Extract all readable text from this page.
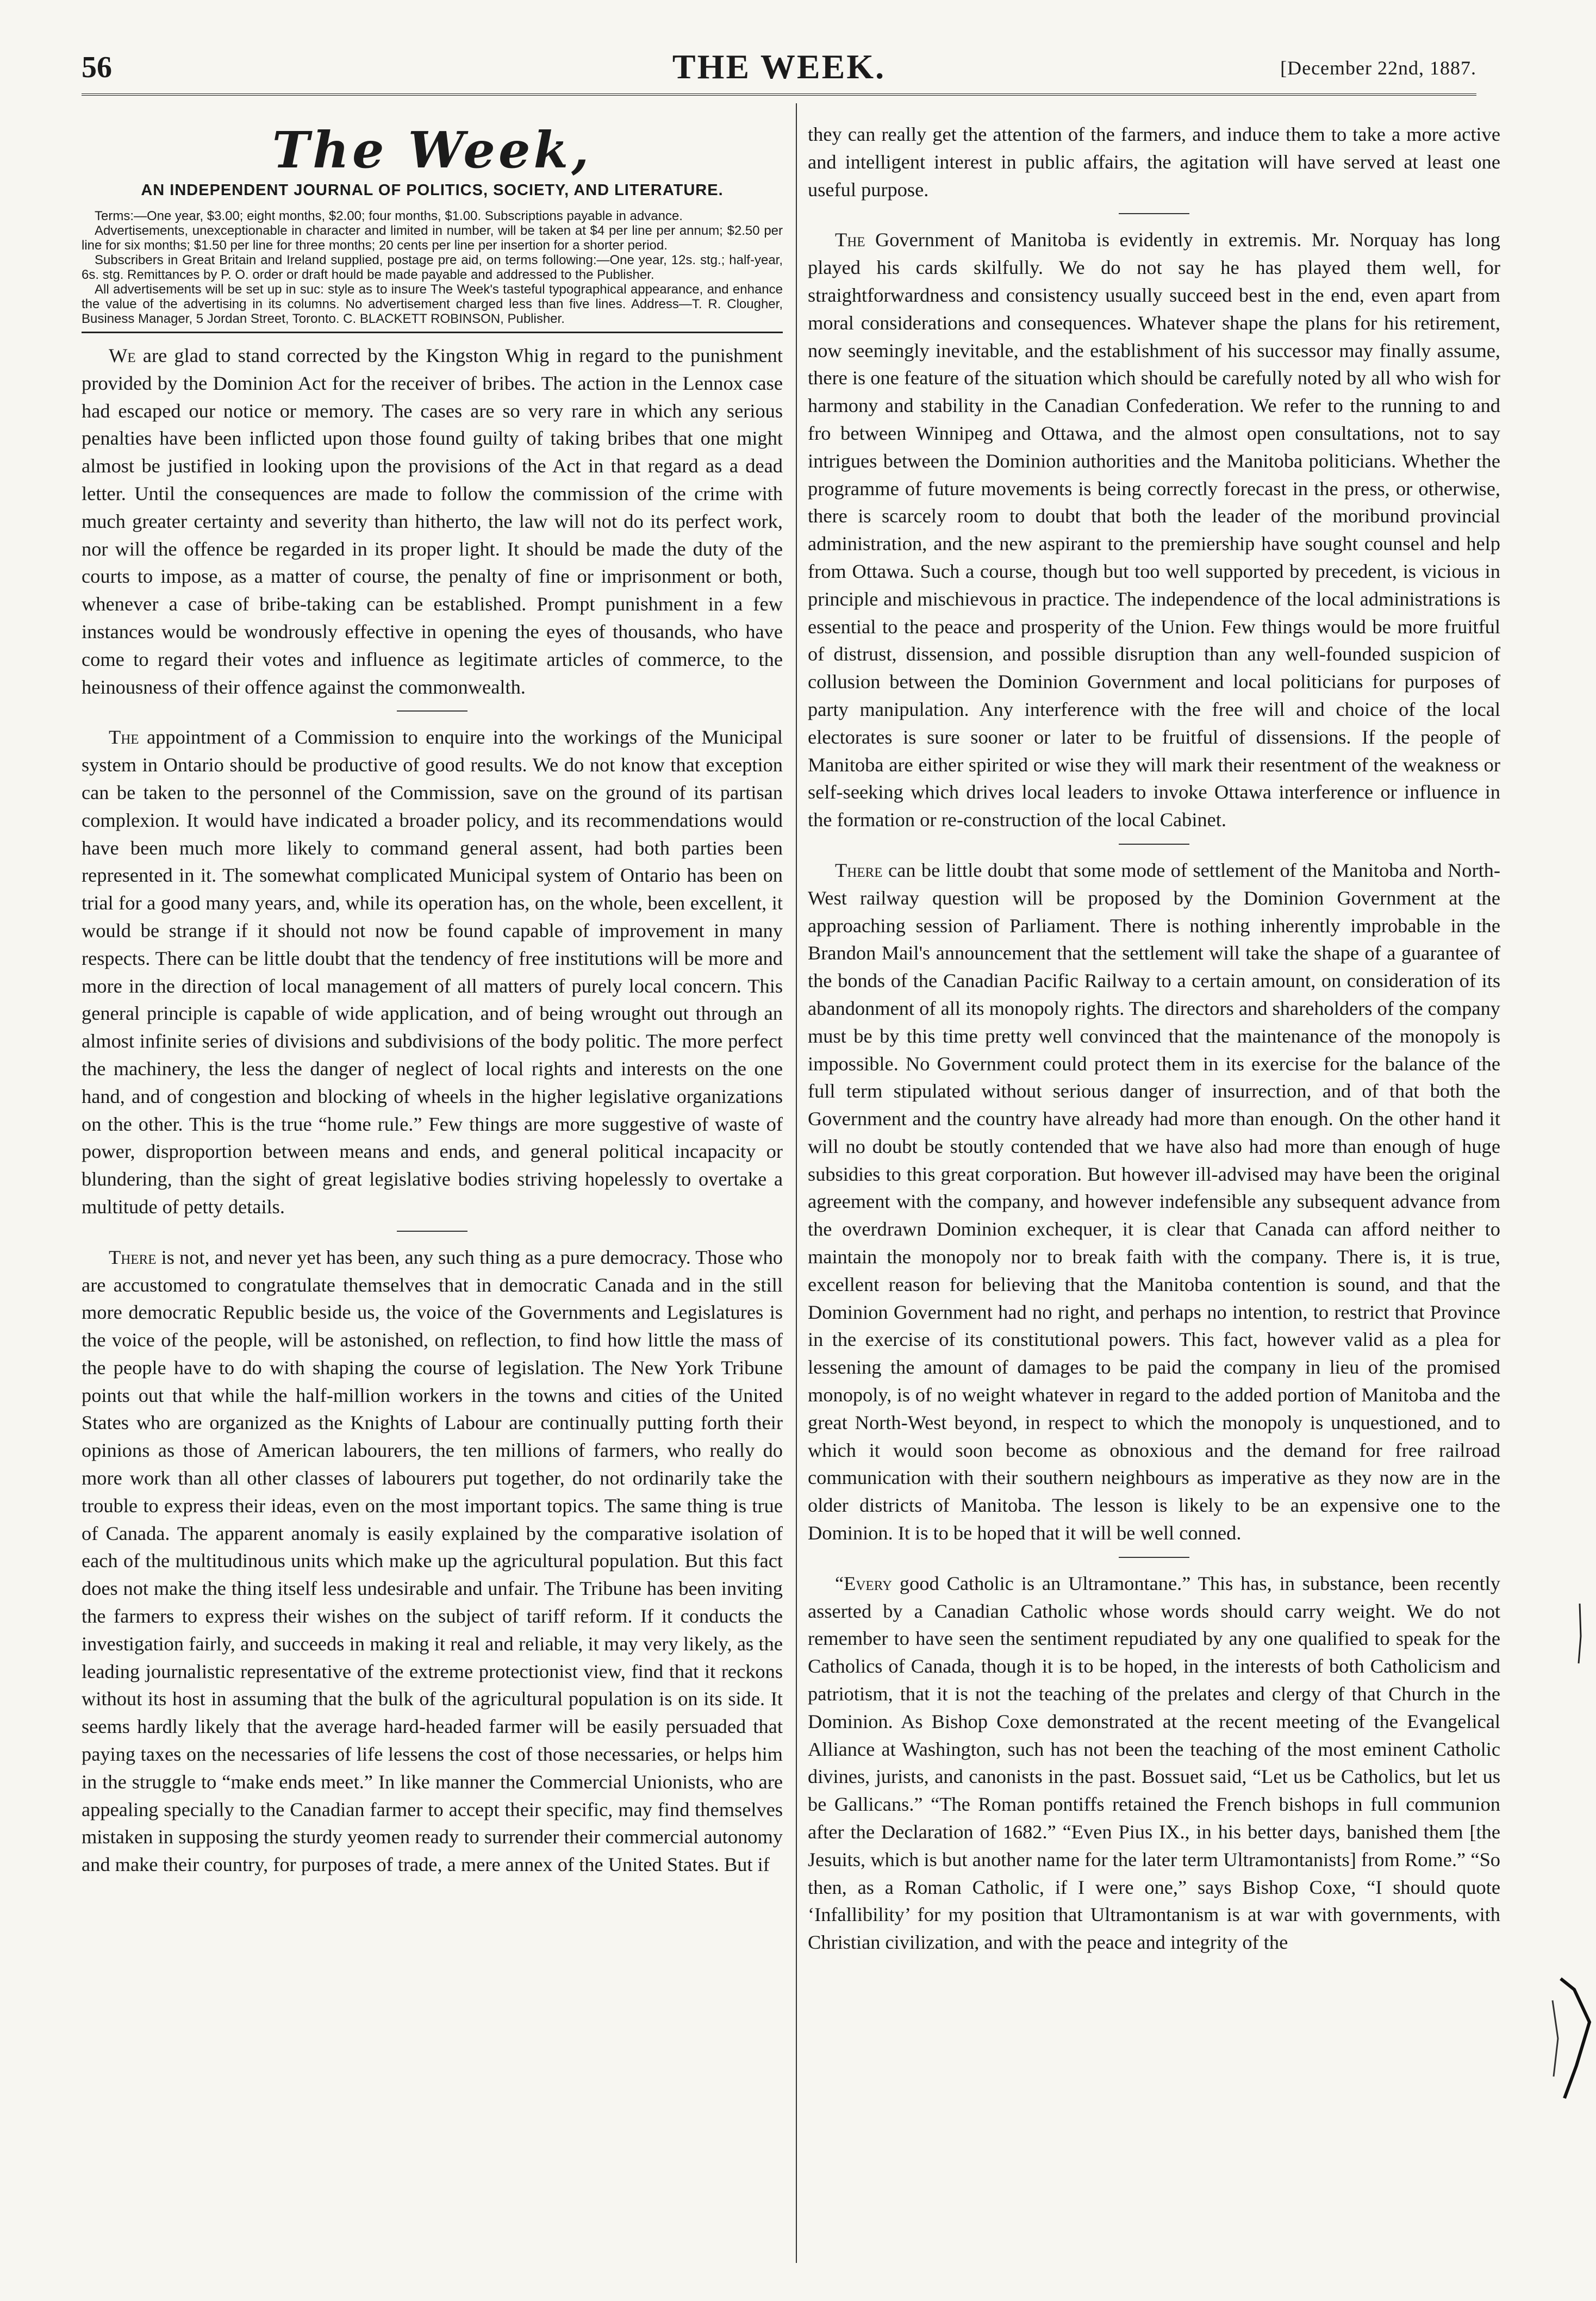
56	THE WEEK.	[December 22nd, 1887.
The Week,
AN INDEPENDENT JOURNAL OF POLITICS, SOCIETY, AND LITERATURE.

Terms:—One year, $3.00; eight months, $2.00; four months, $1.00. Subscriptions payable in advance.

Advertisements, unexceptionable in character and limited in number, will be taken at $4 per line per annum; $2.50 per line for six months; $1.50 per line for three months; 20 cents per line per insertion for a shorter period.

Subscribers in Great Britain and Ireland supplied, postage pre aid, on terms following:—One year, 12s. stg.; half-year, 6s. stg. Remittances by P. O. order or draft hould be made payable and addressed to the Publisher.

All advertisements will be set up in suc: style as to insure The Week's tasteful typographical appearance, and enhance the value of the advertising in its columns. No advertisement charged less than five lines. Address—T. R. Clougher, Business Manager, 5 Jordan Street, Toronto. C. BLACKETT ROBINSON, Publisher.

We are glad to stand corrected by the Kingston Whig in regard to the punishment provided by the Dominion Act for the receiver of bribes. The action in the Lennox case had escaped our notice or memory. The cases are so very rare in which any serious penalties have been inflicted upon those found guilty of taking bribes that one might almost be justified in looking upon the provisions of the Act in that regard as a dead letter. Until the consequences are made to follow the commission of the crime with much greater certainty and severity than hitherto, the law will not do its perfect work, nor will the offence be regarded in its proper light. It should be made the duty of the courts to impose, as a matter of course, the penalty of fine or imprisonment or both, whenever a case of bribe-taking can be established. Prompt punishment in a few instances would be wondrously effective in opening the eyes of thousands, who have come to regard their votes and influence as legitimate articles of commerce, to the heinousness of their offence against the commonwealth.

The appointment of a Commission to enquire into the workings of the Municipal system in Ontario should be productive of good results. We do not know that exception can be taken to the personnel of the Commission, save on the ground of its partisan complexion. It would have indicated a broader policy, and its recommendations would have been much more likely to command general assent, had both parties been represented in it. The somewhat complicated Municipal system of Ontario has been on trial for a good many years, and, while its operation has, on the whole, been excellent, it would be strange if it should not now be found capable of improvement in many respects. There can be little doubt that the tendency of free institutions will be more and more in the direction of local management of all matters of purely local concern. This general principle is capable of wide application, and of being wrought out through an almost infinite series of divisions and subdivisions of the body politic. The more perfect the machinery, the less the danger of neglect of local rights and interests on the one hand, and of congestion and blocking of wheels in the higher legislative organizations on the other. This is the true “home rule.” Few things are more suggestive of waste of power, disproportion between means and ends, and general political incapacity or blundering, than the sight of great legislative bodies striving hopelessly to overtake a multitude of petty details.

There is not, and never yet has been, any such thing as a pure democracy. Those who are accustomed to congratulate themselves that in democratic Canada and in the still more democratic Republic beside us, the voice of the Governments and Legislatures is the voice of the people, will be astonished, on reflection, to find how little the mass of the people have to do with shaping the course of legislation. The New York Tribune points out that while the half-million workers in the towns and cities of the United States who are organized as the Knights of Labour are continually putting forth their opinions as those of American labourers, the ten millions of farmers, who really do more work than all other classes of labourers put together, do not ordinarily take the trouble to express their ideas, even on the most important topics. The same thing is true of Canada. The apparent anomaly is easily explained by the comparative isolation of each of the multitudinous units which make up the agricultural population. But this fact does not make the thing itself less undesirable and unfair. The Tribune has been inviting the farmers to express their wishes on the subject of tariff reform. If it conducts the investigation fairly, and succeeds in making it real and reliable, it may very likely, as the leading journalistic representative of the extreme protectionist view, find that it reckons without its host in assuming that the bulk of the agricultural population is on its side. It seems hardly likely that the average hard-headed farmer will be easily persuaded that paying taxes on the necessaries of life lessens the cost of those necessaries, or helps him in the struggle to “make ends meet.” In like manner the Commercial Unionists, who are appealing specially to the Canadian farmer to accept their specific, may find themselves mistaken in supposing the sturdy yeomen ready to surrender their commercial autonomy and make their country, for purposes of trade, a mere annex of the United States. But if

they can really get the attention of the farmers, and induce them to take a more active and intelligent interest in public affairs, the agitation will have served at least one useful purpose.

The Government of Manitoba is evidently in extremis. Mr. Norquay has long played his cards skilfully. We do not say he has played them well, for straightforwardness and consistency usually succeed best in the end, even apart from moral considerations and consequences. Whatever shape the plans for his retirement, now seemingly inevitable, and the establishment of his successor may finally assume, there is one feature of the situation which should be carefully noted by all who wish for harmony and stability in the Canadian Confederation. We refer to the running to and fro between Winnipeg and Ottawa, and the almost open consultations, not to say intrigues between the Dominion authorities and the Manitoba politicians. Whether the programme of future movements is being correctly forecast in the press, or otherwise, there is scarcely room to doubt that both the leader of the moribund provincial administration, and the new aspirant to the premiership have sought counsel and help from Ottawa. Such a course, though but too well supported by precedent, is vicious in principle and mischievous in practice. The independence of the local administrations is essential to the peace and prosperity of the Union. Few things would be more fruitful of distrust, dissension, and possible disruption than any well-founded suspicion of collusion between the Dominion Government and local politicians for purposes of party manipulation. Any interference with the free will and choice of the local electorates is sure sooner or later to be fruitful of dissensions. If the people of Manitoba are either spirited or wise they will mark their resentment of the weakness or self-seeking which drives local leaders to invoke Ottawa interference or influence in the formation or re-construction of the local Cabinet.

There can be little doubt that some mode of settlement of the Manitoba and North-West railway question will be proposed by the Dominion Government at the approaching session of Parliament. There is nothing inherently improbable in the Brandon Mail's announcement that the settlement will take the shape of a guarantee of the bonds of the Canadian Pacific Railway to a certain amount, on consideration of its abandonment of all its monopoly rights. The directors and shareholders of the company must be by this time pretty well convinced that the maintenance of the monopoly is impossible. No Government could protect them in its exercise for the balance of the full term stipulated without serious danger of insurrection, and of that both the Government and the country have already had more than enough. On the other hand it will no doubt be stoutly contended that we have also had more than enough of huge subsidies to this great corporation. But however ill-advised may have been the original agreement with the company, and however indefensible any subsequent advance from the overdrawn Dominion exchequer, it is clear that Canada can afford neither to maintain the monopoly nor to break faith with the company. There is, it is true, excellent reason for believing that the Manitoba contention is sound, and that the Dominion Government had no right, and perhaps no intention, to restrict that Province in the exercise of its constitutional powers. This fact, however valid as a plea for lessening the amount of damages to be paid the company in lieu of the promised monopoly, is of no weight whatever in regard to the added portion of Manitoba and the great North-West beyond, in respect to which the monopoly is unquestioned, and to which it would soon become as obnoxious and the demand for free railroad communication with their southern neighbours as imperative as they now are in the older districts of Manitoba. The lesson is likely to be an expensive one to the Dominion. It is to be hoped that it will be well conned.

“Every good Catholic is an Ultramontane.” This has, in substance, been recently asserted by a Canadian Catholic whose words should carry weight. We do not remember to have seen the sentiment repudiated by any one qualified to speak for the Catholics of Canada, though it is to be hoped, in the interests of both Catholicism and patriotism, that it is not the teaching of the prelates and clergy of that Church in the Dominion. As Bishop Coxe demonstrated at the recent meeting of the Evangelical Alliance at Washington, such has not been the teaching of the most eminent Catholic divines, jurists, and canonists in the past. Bossuet said, “Let us be Catholics, but let us be Gallicans.” “The Roman pontiffs retained the French bishops in full communion after the Declaration of 1682.” “Even Pius IX., in his better days, banished them [the Jesuits, which is but another name for the later term Ultramontanists] from Rome.” “So then, as a Roman Catholic, if I were one,” says Bishop Coxe, “I should quote ‘Infallibility’ for my position that Ultramontanism is at war with governments, with Christian civilization, and with the peace and integrity of the
